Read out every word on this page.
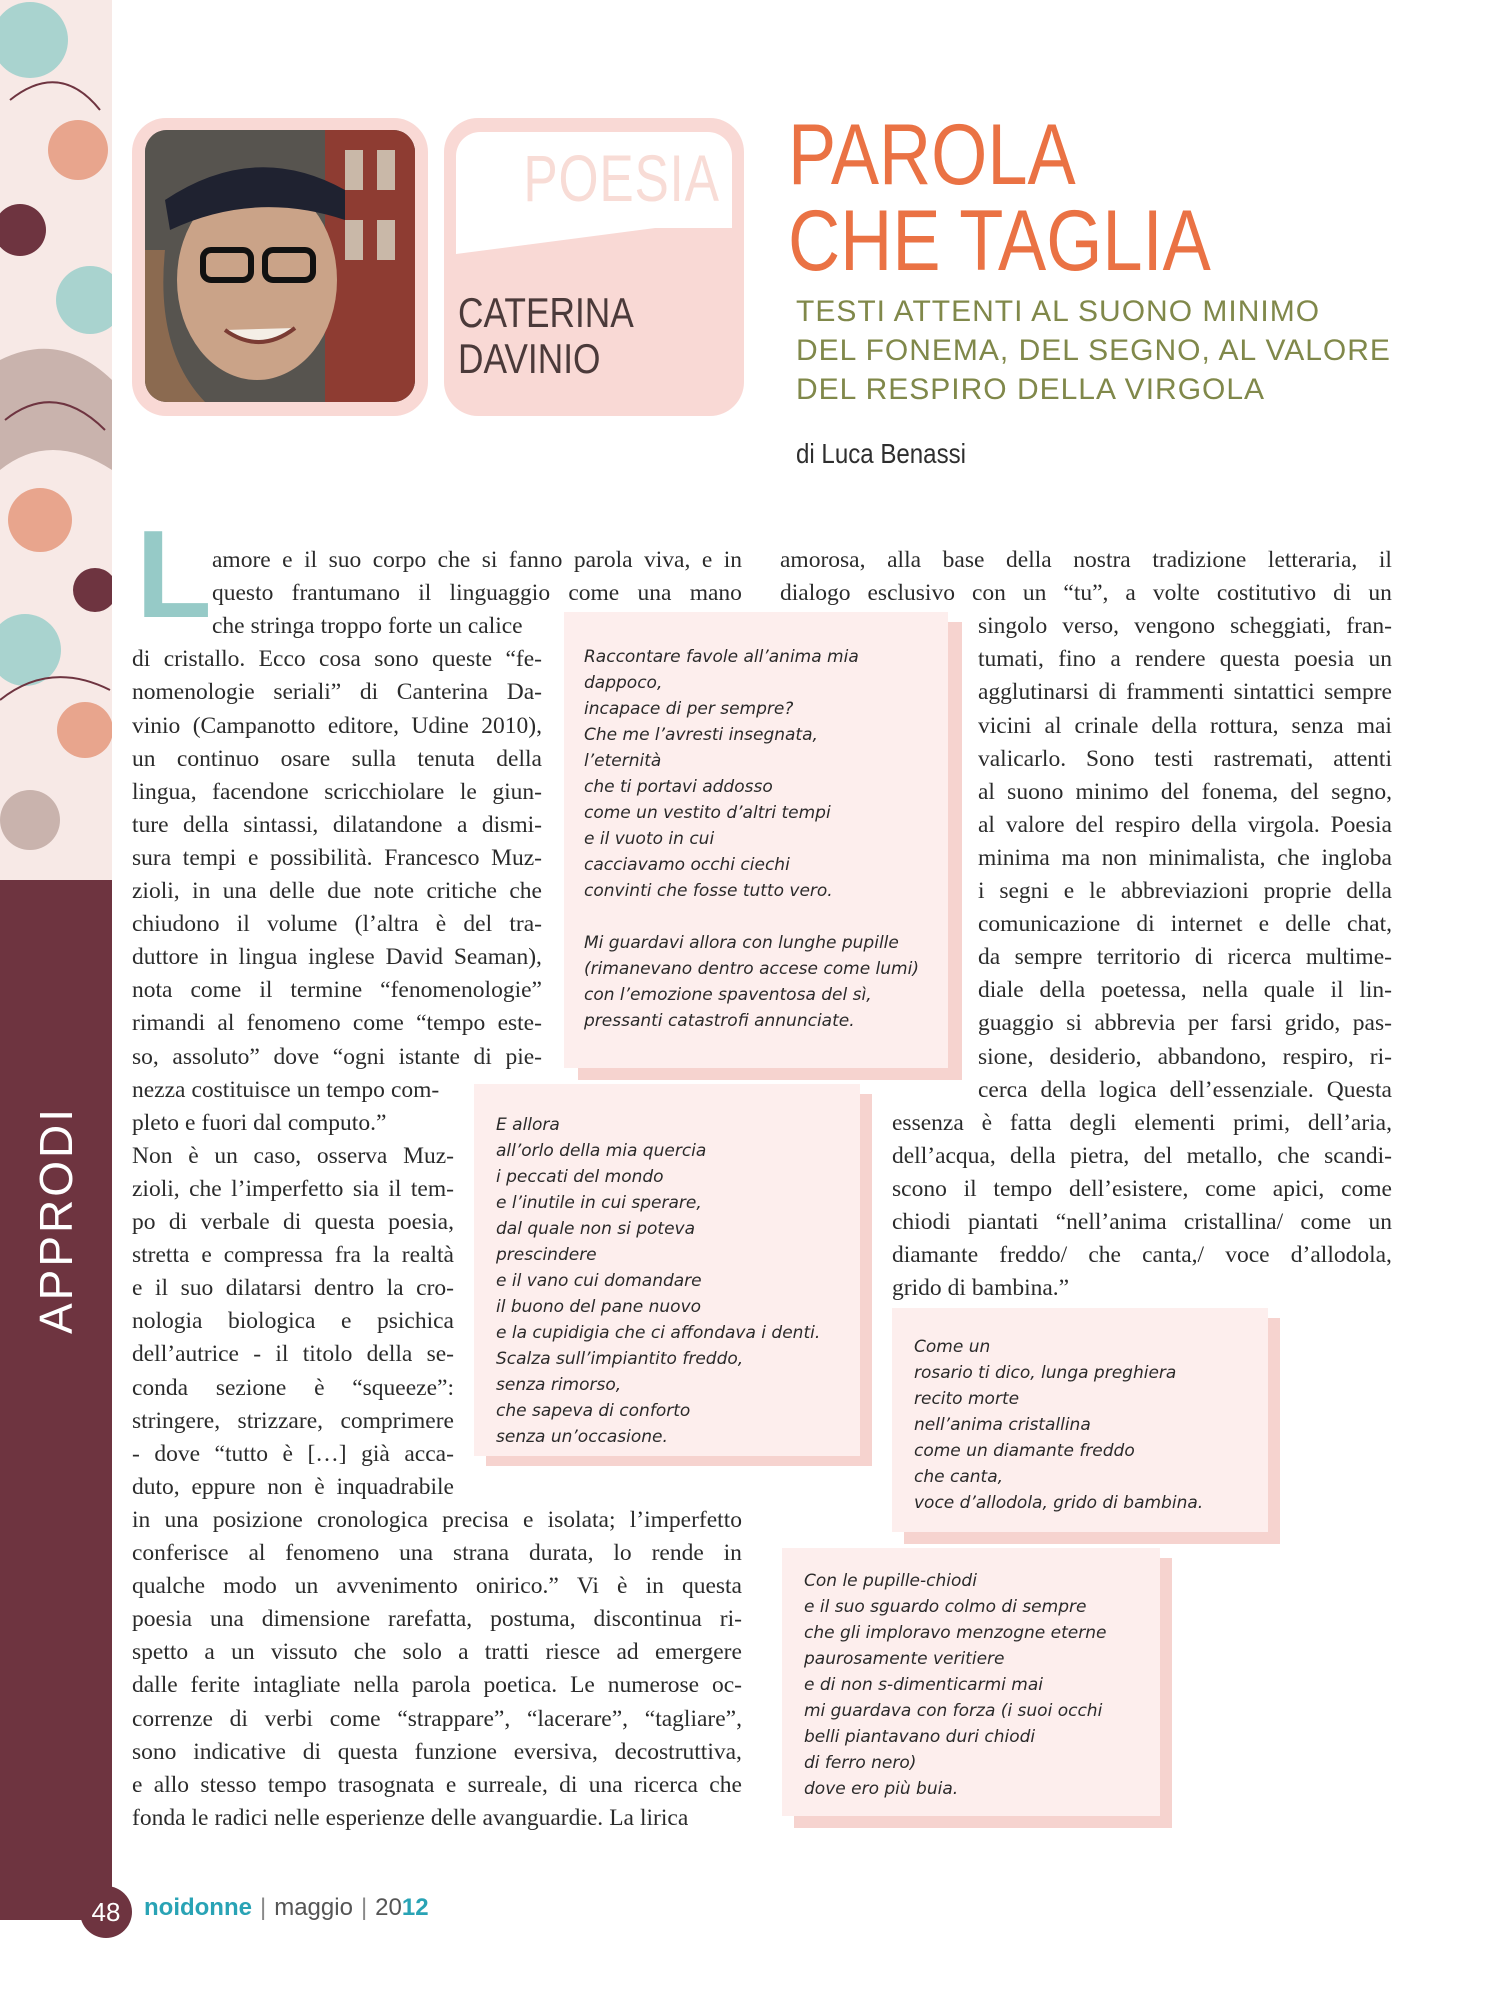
APPRODI
POESIA
CATERINA
DAVINIO
PAROLA
CHE TAGLIA
TESTI ATTENTI AL SUONO MINIMO
DEL FONEMA, DEL SEGNO, AL VALORE
DEL RESPIRO DELLA VIRGOLA
di Luca Benassi
L amore e il suo corpo che si fanno parola viva, e in
questo frantumano il linguaggio come una mano
che stringa troppo forte un calice
di cristallo. Ecco cosa sono queste “fe-
nomenologie seriali” di Canterina Da-
vinio (Campanotto editore, Udine 2010),
un continuo osare sulla tenuta della
lingua, facendone scricchiolare le giun-
ture della sintassi, dilatandone a dismi-
sura tempi e possibilità. Francesco Muz-
zioli, in una delle due note critiche che
chiudono il volume (l’altra è del tra-
duttore in lingua inglese David Seaman),
nota come il termine “fenomenologie”
rimandi al fenomeno come “tempo este-
so, assoluto” dove “ogni istante di pie-
nezza costituisce un tempo com-
pleto e fuori dal computo.”
Non è un caso, osserva Muz-
zioli, che l’imperfetto sia il tem-
po di verbale di questa poesia,
stretta e compressa fra la realtà
e il suo dilatarsi dentro la cro-
nologia biologica e psichica
dell’autrice - il titolo della se-
conda sezione è “squeeze”:
stringere, strizzare, comprimere
- dove “tutto è […] già acca-
duto, eppure non è inquadrabile
in una posizione cronologica precisa e isolata; l’imperfetto
conferisce al fenomeno una strana durata, lo rende in
qualche modo un avvenimento onirico.” Vi è in questa
poesia una dimensione rarefatta, postuma, discontinua ri-
spetto a un vissuto che solo a tratti riesce ad emergere
dalle ferite intagliate nella parola poetica. Le numerose oc-
correnze di verbi come “strappare”, “lacerare”, “tagliare”,
sono indicative di questa funzione eversiva, decostruttiva,
e allo stesso tempo trasognata e surreale, di una ricerca che
fonda le radici nelle esperienze delle avanguardie. La lirica
amorosa, alla base della nostra tradizione letteraria, il
dialogo esclusivo con un “tu”, a volte costitutivo di un
singolo verso, vengono scheggiati, fran-
tumati, fino a rendere questa poesia un
agglutinarsi di frammenti sintattici sempre
vicini al crinale della rottura, senza mai
valicarlo. Sono testi rastremati, attenti
al suono minimo del fonema, del segno,
al valore del respiro della virgola. Poesia
minima ma non minimalista, che ingloba
i segni e le abbreviazioni proprie della
comunicazione di internet e delle chat,
da sempre territorio di ricerca multime-
diale della poetessa, nella quale il lin-
guaggio si abbrevia per farsi grido, pas-
sione, desiderio, abbandono, respiro, ri-
cerca della logica dell’essenziale. Questa
essenza è fatta degli elementi primi, dell’aria,
dell’acqua, della pietra, del metallo, che scandi-
scono il tempo dell’esistere, come apici, come
chiodi piantati “nell’anima cristallina/ come un
diamante freddo/ che canta,/ voce d’allodola,
grido di bambina.”
Raccontare favole all’anima mia
dappoco,
incapace di per sempre?
Che me l’avresti insegnata,
l’eternità
che ti portavi addosso
come un vestito d’altri tempi
e il vuoto in cui
cacciavamo occhi ciechi
convinti che fosse tutto vero.
Mi guardavi allora con lunghe pupille
(rimanevano dentro accese come lumi)
con l’emozione spaventosa del sì,
pressanti catastrofi annunciate.
E allora
all’orlo della mia quercia
i peccati del mondo
e l’inutile in cui sperare,
dal quale non si poteva
prescindere
e il vano cui domandare
il buono del pane nuovo
e la cupidigia che ci affondava i denti.
Scalza sull’impiantito freddo,
senza rimorso,
che sapeva di conforto
senza un’occasione.
Come un
rosario ti dico, lunga preghiera
recito morte
nell’anima cristallina
come un diamante freddo
che canta,
voce d’allodola, grido di bambina.
Con le pupille-chiodi
e il suo sguardo colmo di sempre
che gli imploravo menzogne eterne
paurosamente veritiere
e di non s-dimenticarmi mai
mi guardava con forza (i suoi occhi
belli piantavano duri chiodi
di ferro nero)
dove ero più buia.
48 noidonne | maggio | 2012
